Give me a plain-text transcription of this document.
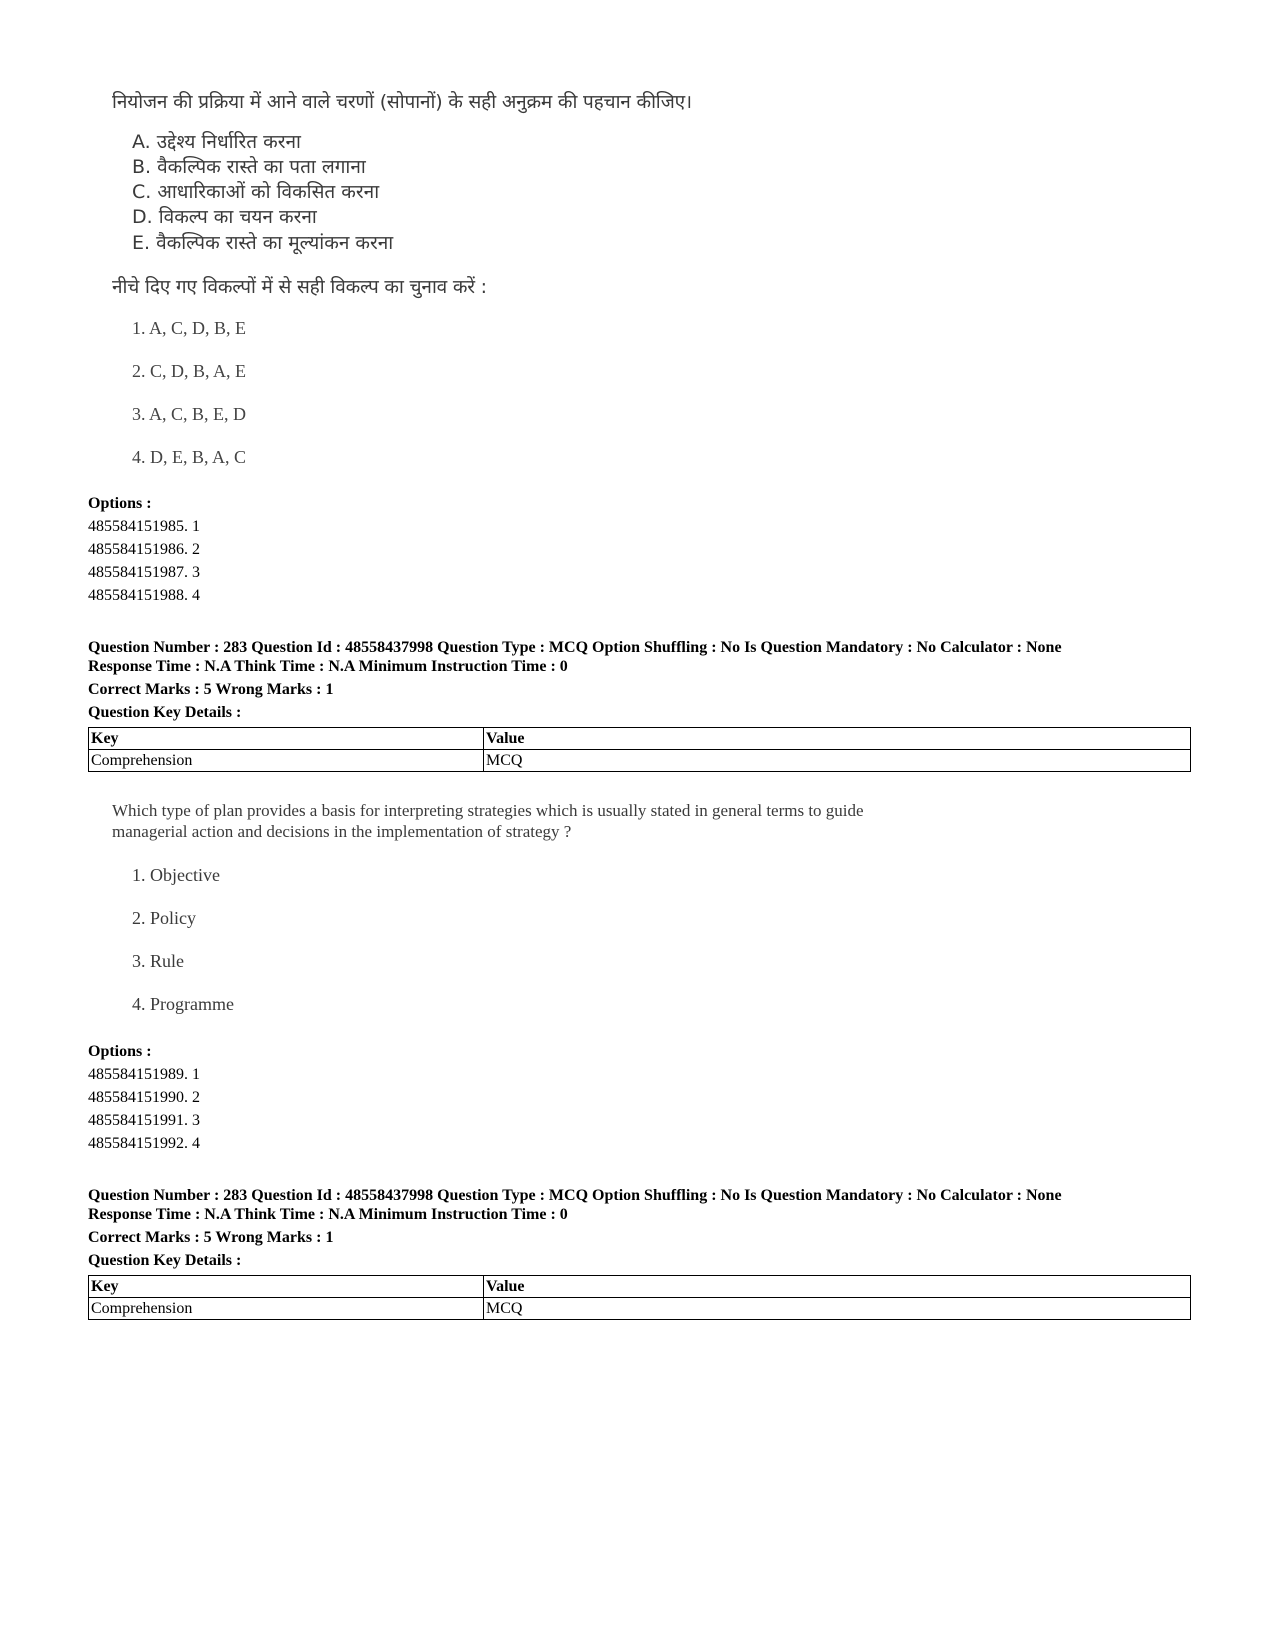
नियोजन की प्रक्रिया में आने वाले चरणों (सोपानों) के सही अनुक्रम की पहचान कीजिए।
A. उद्देश्य निर्धारित करना
B. वैकल्पिक रास्ते का पता लगाना
C. आधारिकाओं को विकसित करना
D. विकल्प का चयन करना
E. वैकल्पिक रास्ते का मूल्यांकन करना
नीचे दिए गए विकल्पों में से सही विकल्प का चुनाव करें :
1. A, C, D, B, E
2. C, D, B, A, E
3. A, C, B, E, D
4. D, E, B, A, C
Options :
485584151985. 1
485584151986. 2
485584151987. 3
485584151988. 4
Question Number : 283 Question Id : 48558437998 Question Type : MCQ Option Shuffling : No Is Question Mandatory : No Calculator : None
Response Time : N.A Think Time : N.A Minimum Instruction Time : 0
Correct Marks : 5 Wrong Marks : 1
Question Key Details :
Key	Value
Comprehension	MCQ
Which type of plan provides a basis for interpreting strategies which is usually stated in general terms to guide
managerial action and decisions in the implementation of strategy ?
1. Objective
2. Policy
3. Rule
4. Programme
Options :
485584151989. 1
485584151990. 2
485584151991. 3
485584151992. 4
Question Number : 283 Question Id : 48558437998 Question Type : MCQ Option Shuffling : No Is Question Mandatory : No Calculator : None
Response Time : N.A Think Time : N.A Minimum Instruction Time : 0
Correct Marks : 5 Wrong Marks : 1
Question Key Details :
Key	Value
Comprehension	MCQ
